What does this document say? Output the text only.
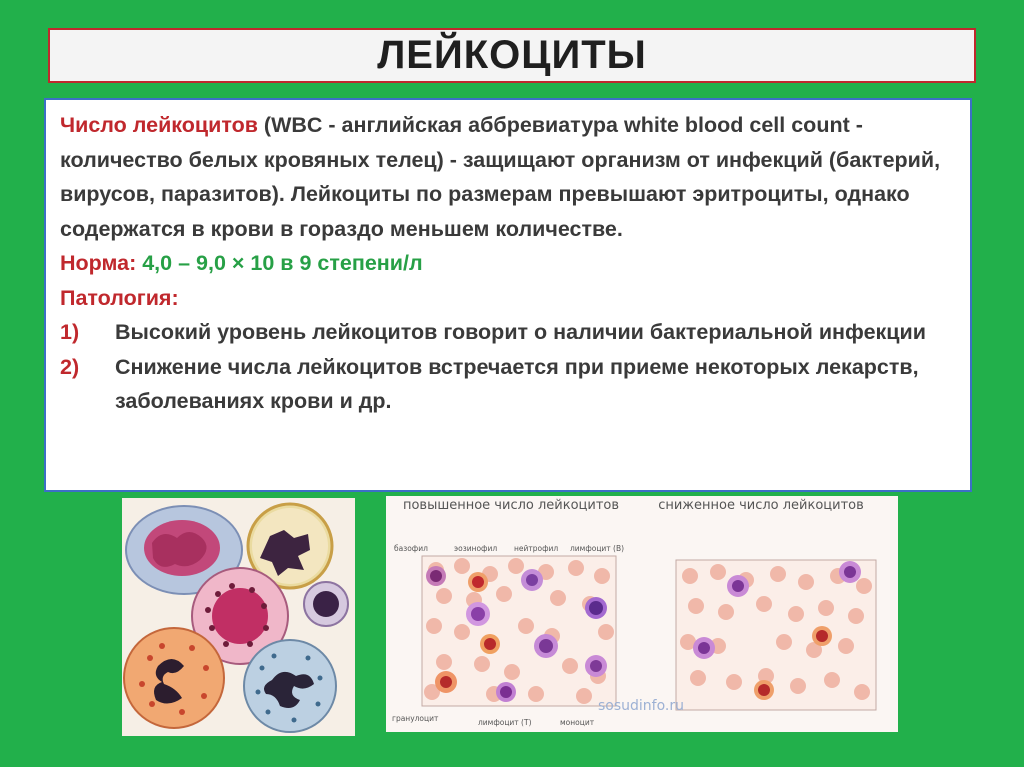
ЛЕЙКОЦИТЫ

Число лейкоцитов (WBC - английская аббревиатура white blood cell count - количество белых кровяных телец) - защищают организм от инфекций (бактерий, вирусов, паразитов). Лейкоциты по размерам превышают эритроциты, однако содержатся в крови в гораздо меньшем количестве.

Норма: 4,0 – 9,0 × 10 в 9 степени/л

Патология:

1)	Высокий уровень лейкоцитов говорит о наличии бактериальной инфекции
2)	Снижение числа лейкоцитов встречается при приеме некоторых лекарств, заболеваниях крови и др.
повышенное число лейкоцитов	сниженное число лейкоцитов
базофил	эозинофил нейтрофил лимфоцит (В)
гранулоцит	лимфоцит (Т)	моноцит
sosudinfo.ru
